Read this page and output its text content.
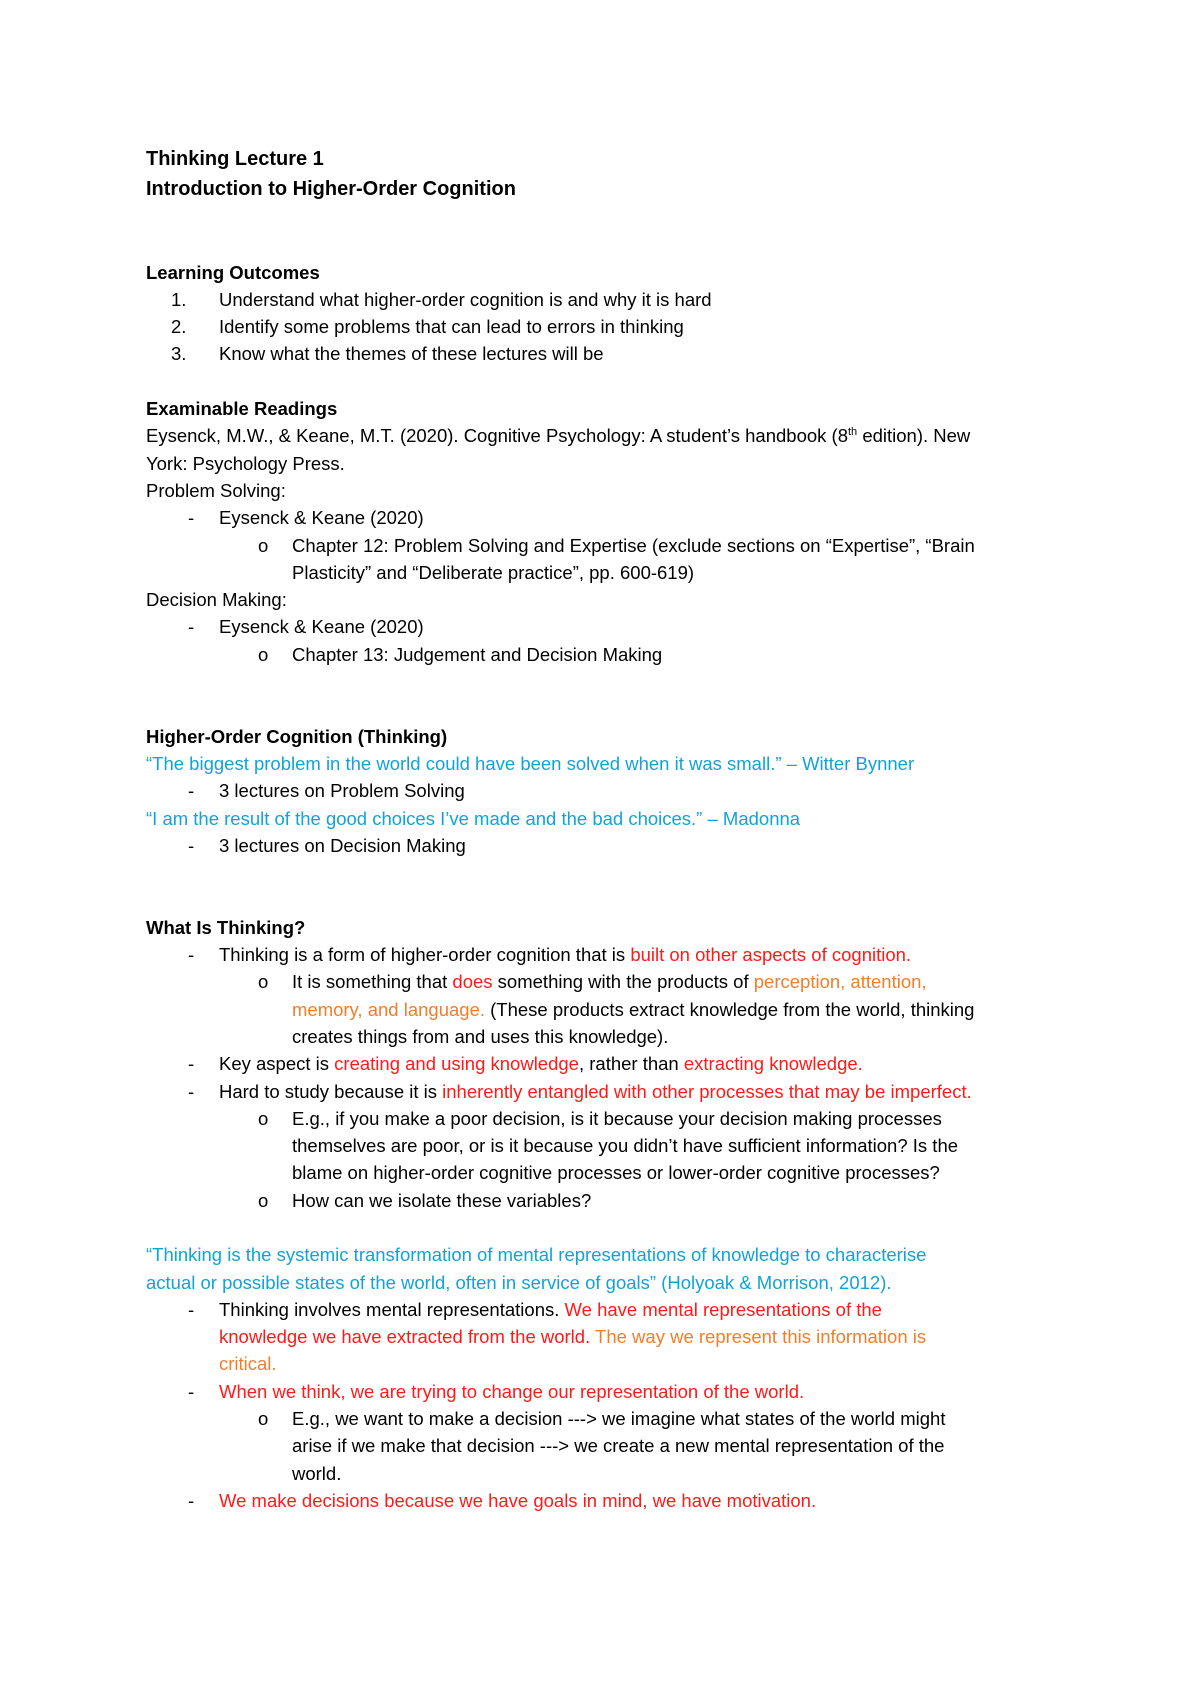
Thinking Lecture 1
Introduction to Higher-Order Cognition
Learning Outcomes
1. Understand what higher-order cognition is and why it is hard
2. Identify some problems that can lead to errors in thinking
3. Know what the themes of these lectures will be
Examinable Readings
Eysenck, M.W., & Keane, M.T. (2020). Cognitive Psychology: A student’s handbook (8th edition). New
York: Psychology Press.
Problem Solving:
- Eysenck & Keane (2020)
o Chapter 12: Problem Solving and Expertise (exclude sections on “Expertise”, “Brain
Plasticity” and “Deliberate practice”, pp. 600-619)
Decision Making:
- Eysenck & Keane (2020)
o Chapter 13: Judgement and Decision Making
Higher-Order Cognition (Thinking)
“The biggest problem in the world could have been solved when it was small.” – Witter Bynner
- 3 lectures on Problem Solving
“I am the result of the good choices I’ve made and the bad choices.” – Madonna
- 3 lectures on Decision Making
What Is Thinking?
- Thinking is a form of higher-order cognition that is built on other aspects of cognition.
o It is something that does something with the products of perception, attention,
memory, and language. (These products extract knowledge from the world, thinking
creates things from and uses this knowledge).
- Key aspect is creating and using knowledge, rather than extracting knowledge.
- Hard to study because it is inherently entangled with other processes that may be imperfect.
o E.g., if you make a poor decision, is it because your decision making processes
themselves are poor, or is it because you didn’t have sufficient information? Is the
blame on higher-order cognitive processes or lower-order cognitive processes?
o How can we isolate these variables?
“Thinking is the systemic transformation of mental representations of knowledge to characterise
actual or possible states of the world, often in service of goals” (Holyoak & Morrison, 2012).
- Thinking involves mental representations. We have mental representations of the
knowledge we have extracted from the world. The way we represent this information is
critical.
- When we think, we are trying to change our representation of the world.
o E.g., we want to make a decision ---> we imagine what states of the world might
arise if we make that decision ---> we create a new mental representation of the
world.
- We make decisions because we have goals in mind, we have motivation.
